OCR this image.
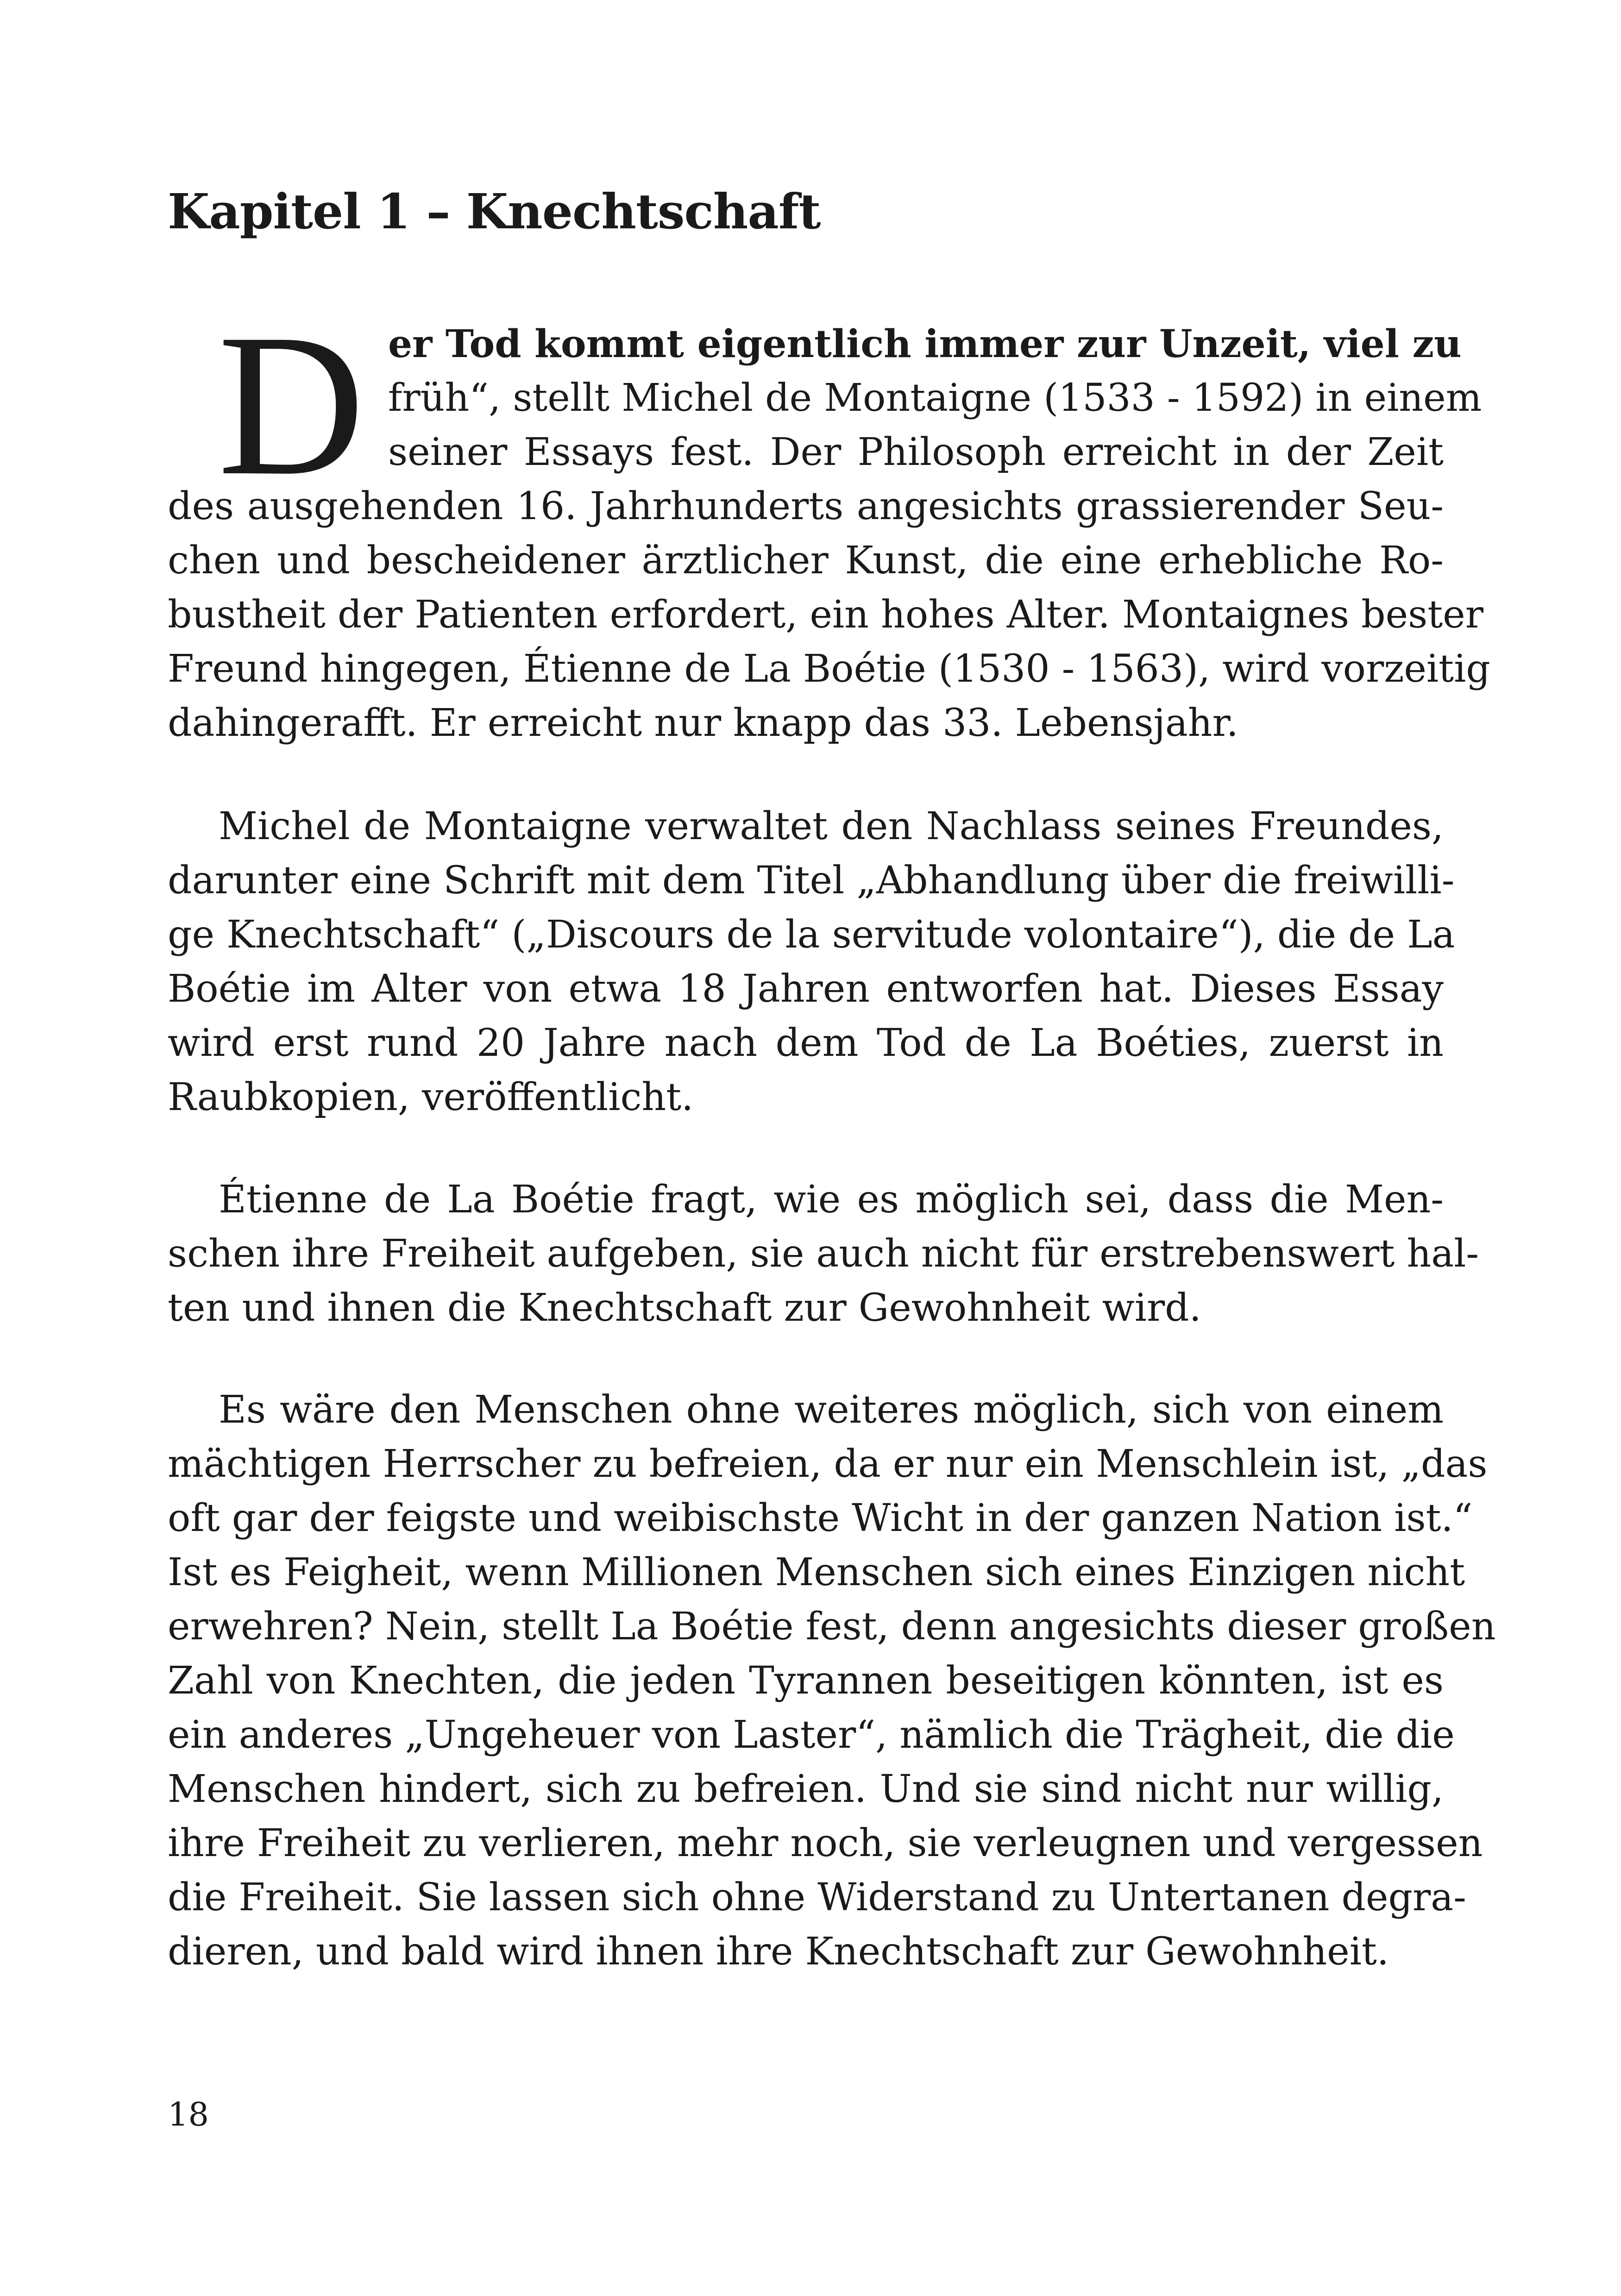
Kapitel 1 – Knechtschaft
D er Tod kommt eigentlich immer zur Unzeit, viel zu

früh“, stellt Michel de Montaigne (1533 - 1592) in einem

seiner Essays fest. Der Philosoph erreicht in der Zeit

des ausgehenden 16. Jahrhunderts angesichts grassierender Seu-

chen und bescheidener ärztlicher Kunst, die eine erhebliche Ro-

bustheit der Patienten erfordert, ein hohes Alter. Montaignes bester

Freund hingegen, Étienne de La Boétie (1530 - 1563), wird vorzeitig

dahingerafft. Er erreicht nur knapp das 33. Lebensjahr.

Michel de Montaigne verwaltet den Nachlass seines Freundes,

darunter eine Schrift mit dem Titel „Abhandlung über die freiwilli-

ge Knechtschaft“ („Discours de la servitude volontaire“), die de La

Boétie im Alter von etwa 18 Jahren entworfen hat. Dieses Essay

wird erst rund 20 Jahre nach dem Tod de La Boéties, zuerst in

Raubkopien, veröffentlicht.

Étienne de La Boétie fragt, wie es möglich sei, dass die Men-

schen ihre Freiheit aufgeben, sie auch nicht für erstrebenswert hal-

ten und ihnen die Knechtschaft zur Gewohnheit wird.

Es wäre den Menschen ohne weiteres möglich, sich von einem

mächtigen Herrscher zu befreien, da er nur ein Menschlein ist, „das

oft gar der feigste und weibischste Wicht in der ganzen Nation ist.“

Ist es Feigheit, wenn Millionen Menschen sich eines Einzigen nicht

erwehren? Nein, stellt La Boétie fest, denn angesichts dieser großen

Zahl von Knechten, die jeden Tyrannen beseitigen könnten, ist es

ein anderes „Ungeheuer von Laster“, nämlich die Trägheit, die die

Menschen hindert, sich zu befreien. Und sie sind nicht nur willig,

ihre Freiheit zu verlieren, mehr noch, sie verleugnen und vergessen

die Freiheit. Sie lassen sich ohne Widerstand zu Untertanen degra-

dieren, und bald wird ihnen ihre Knechtschaft zur Gewohnheit.

18
